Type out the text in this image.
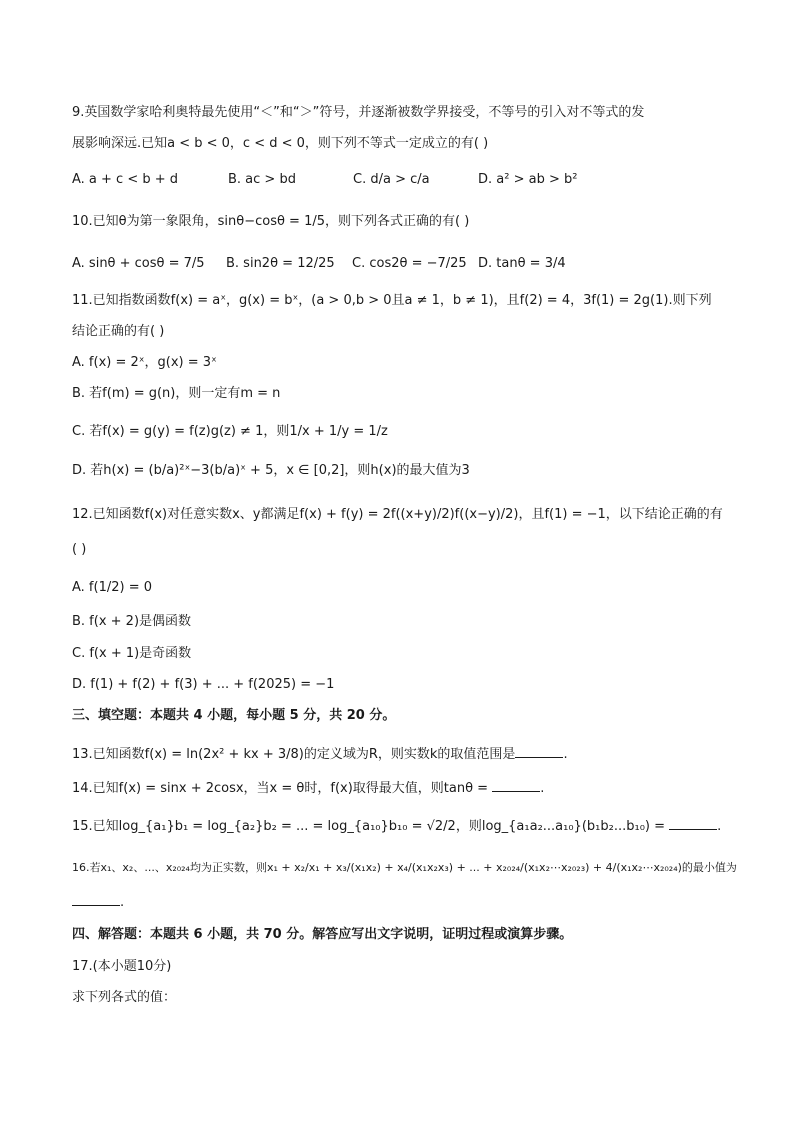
9.英国数学家哈利奥特最先使用“＜”和“＞”符号，并逐渐被数学界接受，不等号的引入对不等式的发
展影响深远.已知a < b < 0，c < d < 0，则下列不等式一定成立的有( )
A. a + c < b + d	B. ac > bd	C. d/a > c/a	D. a² > ab > b²
10.已知θ为第一象限角，sinθ−cosθ = 1/5，则下列各式正确的有( )
A. sinθ + cosθ = 7/5 B. sin2θ = 12/25 C. cos2θ = −7/25 D. tanθ = 3/4
11.已知指数函数f(x) = aˣ，g(x) = bˣ，(a > 0,b > 0且a ≠ 1，b ≠ 1)，且f(2) = 4，3f(1) = 2g(1).则下列
结论正确的有( )
A. f(x) = 2ˣ，g(x) = 3ˣ
B. 若f(m) = g(n)，则一定有m = n
C. 若f(x) = g(y) = f(z)g(z) ≠ 1，则1/x + 1/y = 1/z
D. 若h(x) = (b/a)²ˣ−3(b/a)ˣ + 5，x ∈ [0,2]，则h(x)的最大值为3
12.已知函数f(x)对任意实数x、y都满足f(x) + f(y) = 2f((x+y)/2)f((x−y)/2)，且f(1) = −1，以下结论正确的有
( )
A. f(1/2) = 0
B. f(x + 2)是偶函数
C. f(x + 1)是奇函数
D. f(1) + f(2) + f(3) + ... + f(2025) = −1
三、填空题：本题共 4 小题，每小题 5 分，共 20 分。
13.已知函数f(x) = ln(2x² + kx + 3/8)的定义域为R，则实数k的取值范围是	.
14.已知f(x) = sinx + 2cosx，当x = θ时，f(x)取得最大值，则tanθ =	.
15.已知log_{a₁}b₁ = log_{a₂}b₂ = ... = log_{a₁₀}b₁₀ = √2/2，则log_{a₁a₂...a₁₀}(b₁b₂...b₁₀) =	.
16.若x₁、x₂、...、x₂₀₂₄均为正实数，则x₁ + x₂/x₁ + x₃/(x₁x₂) + x₄/(x₁x₂x₃) + ... + x₂₀₂₄/(x₁x₂⋯x₂₀₂₃) + 4/(x₁x₂⋯x₂₀₂₄)的最小值为
.
四、解答题：本题共 6 小题，共 70 分。解答应写出文字说明，证明过程或演算步骤。
17.(本小题10分)
求下列各式的值：
